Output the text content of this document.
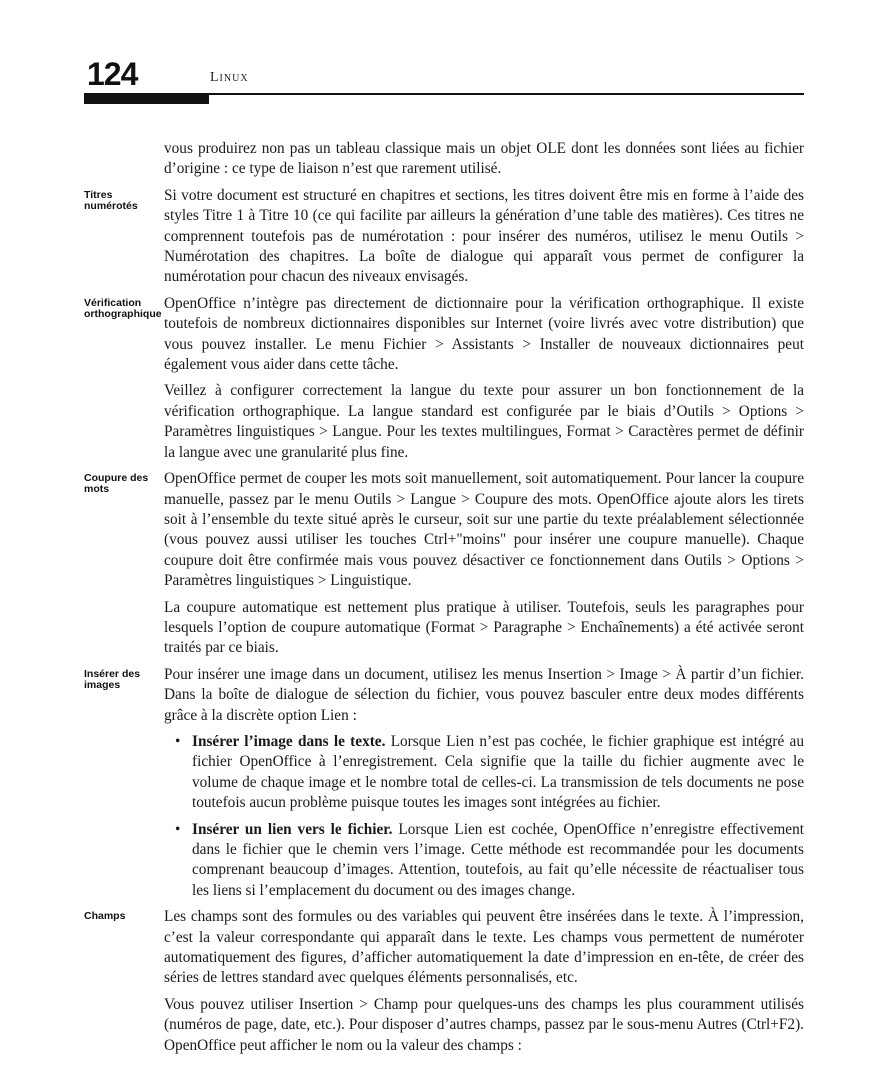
124	Linux

vous produirez non pas un tableau classique mais un objet OLE dont les données sont liées au fichier d’origine : ce type de liaison n’est que rarement utilisé.

Titres numérotés

Si votre document est structuré en chapitres et sections, les titres doivent être mis en forme à l’aide des styles Titre 1 à Titre 10 (ce qui facilite par ailleurs la génération d’une table des matières). Ces titres ne comprennent toutefois pas de numérotation : pour insérer des numéros, utilisez le menu Outils > Numérotation des chapitres. La boîte de dialogue qui apparaît vous permet de configurer la numérotation pour chacun des niveaux envisagés.

Vérification orthographique

OpenOffice n’intègre pas directement de dictionnaire pour la vérification orthographique. Il existe toutefois de nombreux dictionnaires disponibles sur Internet (voire livrés avec votre distribution) que vous pouvez installer. Le menu Fichier > Assistants > Installer de nouveaux dictionnaires peut également vous aider dans cette tâche.

Veillez à configurer correctement la langue du texte pour assurer un bon fonctionnement de la vérification orthographique. La langue standard est configurée par le biais d’Outils > Options > Paramètres linguistiques > Langue. Pour les textes multilingues, Format > Caractères permet de définir la langue avec une granularité plus fine.

Coupure des mots

OpenOffice permet de couper les mots soit manuellement, soit automatiquement. Pour lancer la coupure manuelle, passez par le menu Outils > Langue > Coupure des mots. OpenOffice ajoute alors les tirets soit à l’ensemble du texte situé après le curseur, soit sur une partie du texte préalablement sélectionnée (vous pouvez aussi utiliser les touches Ctrl+"moins" pour insérer une coupure manuelle). Chaque coupure doit être confirmée mais vous pouvez désactiver ce fonctionnement dans Outils > Options > Paramètres linguistiques > Linguistique.

La coupure automatique est nettement plus pratique à utiliser. Toutefois, seuls les paragraphes pour lesquels l’option de coupure automatique (Format > Paragraphe > Enchaînements) a été activée seront traités par ce biais.

Insérer des images

Pour insérer une image dans un document, utilisez les menus Insertion > Image > À partir d’un fichier. Dans la boîte de dialogue de sélection du fichier, vous pouvez basculer entre deux modes différents grâce à la discrète option Lien :

• Insérer l’image dans le texte. Lorsque Lien n’est pas cochée, le fichier graphique est intégré au fichier OpenOffice à l’enregistrement. Cela signifie que la taille du fichier augmente avec le volume de chaque image et le nombre total de celles-ci. La transmission de tels documents ne pose toutefois aucun problème puisque toutes les images sont intégrées au fichier.
• Insérer un lien vers le fichier. Lorsque Lien est cochée, OpenOffice n’enregistre effectivement dans le fichier que le chemin vers l’image. Cette méthode est recommandée pour les documents comprenant beaucoup d’images. Attention, toutefois, au fait qu’elle nécessite de réactualiser tous les liens si l’emplacement du document ou des images change.
Champs	Les champs sont des formules ou des variables qui peuvent être insérées dans le texte. À l’impression, c’est la valeur correspondante qui apparaît dans le texte. Les champs vous permettent de numéroter automatiquement des figures, d’afficher automatiquement la date d’impression en en-tête, de créer des séries de lettres standard avec quelques éléments personnalisés, etc.

Vous pouvez utiliser Insertion > Champ pour quelques-uns des champs les plus couramment utilisés (numéros de page, date, etc.). Pour disposer d’autres champs, passez par le sous-menu Autres (Ctrl+F2). OpenOffice peut afficher le nom ou la valeur des champs :
